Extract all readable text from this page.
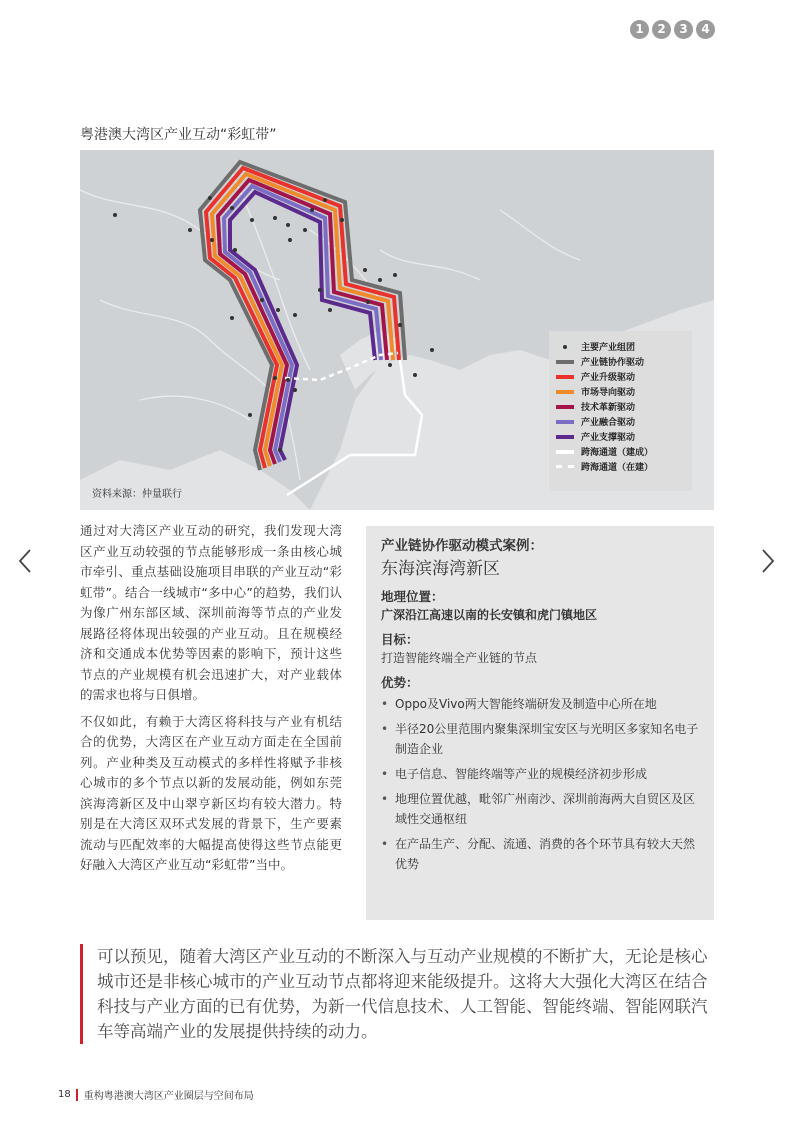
1	2	3	4
粤港澳大湾区产业互动“彩虹带”
主要产业组团
产业链协作驱动
产业升级驱动
市场导向驱动
技术革新驱动
产业融合驱动
产业支撑驱动
跨海通道（建成）
跨海通道（在建）
资料来源：仲量联行

通过对大湾区产业互动的研究，我们发现大湾区产业互动较强的节点能够形成一条由核心城市牵引、重点基础设施项目串联的产业互动“彩虹带”。结合一线城市“多中心”的趋势，我们认为像广州东部区域、深圳前海等节点的产业发展路径将体现出较强的产业互动。且在规模经济和交通成本优势等因素的影响下，预计这些节点的产业规模有机会迅速扩大，对产业载体的需求也将与日俱增。

不仅如此，有赖于大湾区将科技与产业有机结合的优势，大湾区在产业互动方面走在全国前列。产业种类及互动模式的多样性将赋予非核心城市的多个节点以新的发展动能，例如东莞滨海湾新区及中山翠亨新区均有较大潜力。特别是在大湾区双环式发展的背景下，生产要素流动与匹配效率的大幅提高使得这些节点能更好融入大湾区产业互动“彩虹带”当中。

产业链协作驱动模式案例：
东海滨海湾新区
地理位置：
广深沿江高速以南的长安镇和虎门镇地区
目标：
打造智能终端全产业链的节点
优势：
• Oppo及Vivo两大智能终端研发及制造中心所在地
• 半径20公里范围内聚集深圳宝安区与光明区多家知名电子制造企业
• 电子信息、智能终端等产业的规模经济初步形成
• 地理位置优越，毗邻广州南沙、深圳前海两大自贸区及区域性交通枢纽
• 在产品生产、分配、流通、消费的各个环节具有较大天然优势
可以预见，随着大湾区产业互动的不断深入与互动产业规模的不断扩大，无论是核心城市还是非核心城市的产业互动节点都将迎来能级提升。这将大大强化大湾区在结合科技与产业方面的已有优势，为新一代信息技术、人工智能、智能终端、智能网联汽车等高端产业的发展提供持续的动力。
18 重构粤港澳大湾区产业圈层与空间布局
